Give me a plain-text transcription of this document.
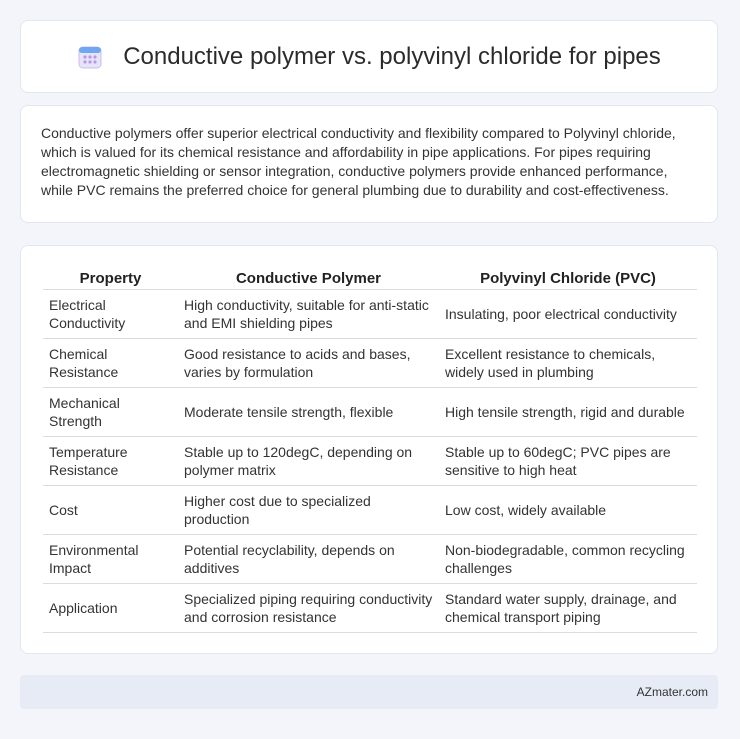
Conductive polymer vs. polyvinyl chloride for pipes

Conductive polymers offer superior electrical conductivity and flexibility compared to Polyvinyl chloride, which is valued for its chemical resistance and affordability in pipe applications. For pipes requiring electromagnetic shielding or sensor integration, conductive polymers provide enhanced performance, while PVC remains the preferred choice for general plumbing due to durability and cost-effectiveness.

Property	Conductive Polymer	Polyvinyl Chloride (PVC)
Electrical Conductivity	High conductivity, suitable for anti-static and EMI shielding pipes	Insulating, poor electrical conductivity
Chemical Resistance	Good resistance to acids and bases, varies by formulation	Excellent resistance to chemicals, widely used in plumbing
Mechanical Strength	Moderate tensile strength, flexible	High tensile strength, rigid and durable
Temperature Resistance	Stable up to 120degC, depending on polymer matrix	Stable up to 60degC; PVC pipes are sensitive to high heat
Cost	Higher cost due to specialized production	Low cost, widely available
Environmental Impact	Potential recyclability, depends on additives	Non-biodegradable, common recycling challenges
Application	Specialized piping requiring conductivity and corrosion resistance	Standard water supply, drainage, and chemical transport piping
AZmater.com
